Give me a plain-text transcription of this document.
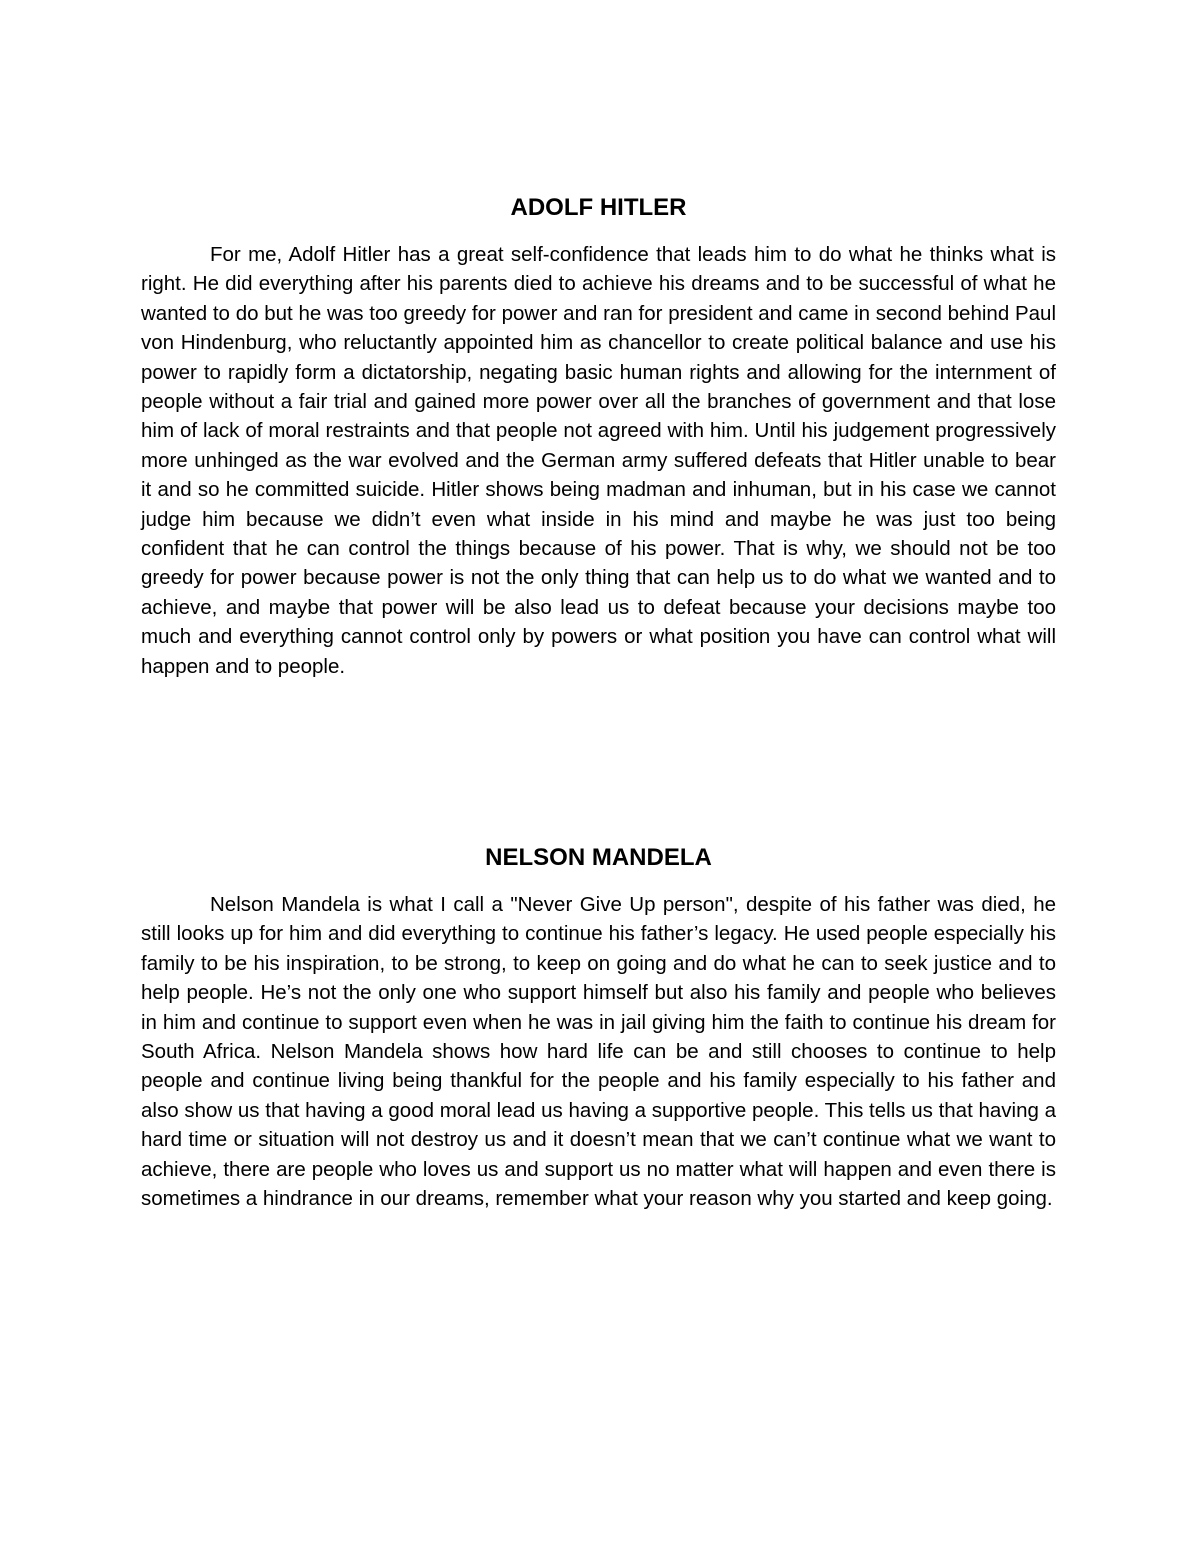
ADOLF HITLER

For me, Adolf Hitler has a great self-confidence that leads him to do what he thinks what is right. He did everything after his parents died to achieve his dreams and to be successful of what he wanted to do but he was too greedy for power and ran for president and came in second behind Paul von Hindenburg, who reluctantly appointed him as chancellor to create political balance and use his power to rapidly form a dictatorship, negating basic human rights and allowing for the internment of people without a fair trial and gained more power over all the branches of government and that lose him of lack of moral restraints and that people not agreed with him. Until his judgement progressively more unhinged as the war evolved and the German army suffered defeats that Hitler unable to bear it and so he committed suicide. Hitler shows being madman and inhuman, but in his case we cannot judge him because we didn’t even what inside in his mind and maybe he was just too being confident that he can control the things because of his power. That is why, we should not be too greedy for power because power is not the only thing that can help us to do what we wanted and to achieve, and maybe that power will be also lead us to defeat because your decisions maybe too much and everything cannot control only by powers or what position you have can control what will happen and to people.

NELSON MANDELA

Nelson Mandela is what I call a "Never Give Up person", despite of his father was died, he still looks up for him and did everything to continue his father’s legacy. He used people especially his family to be his inspiration, to be strong, to keep on going and do what he can to seek justice and to help people. He’s not the only one who support himself but also his family and people who believes in him and continue to support even when he was in jail giving him the faith to continue his dream for South Africa. Nelson Mandela shows how hard life can be and still chooses to continue to help people and continue living being thankful for the people and his family especially to his father and also show us that having a good moral lead us having a supportive people. This tells us that having a hard time or situation will not destroy us and it doesn’t mean that we can’t continue what we want to achieve, there are people who loves us and support us no matter what will happen and even there is sometimes a hindrance in our dreams, remember what your reason why you started and keep going.
